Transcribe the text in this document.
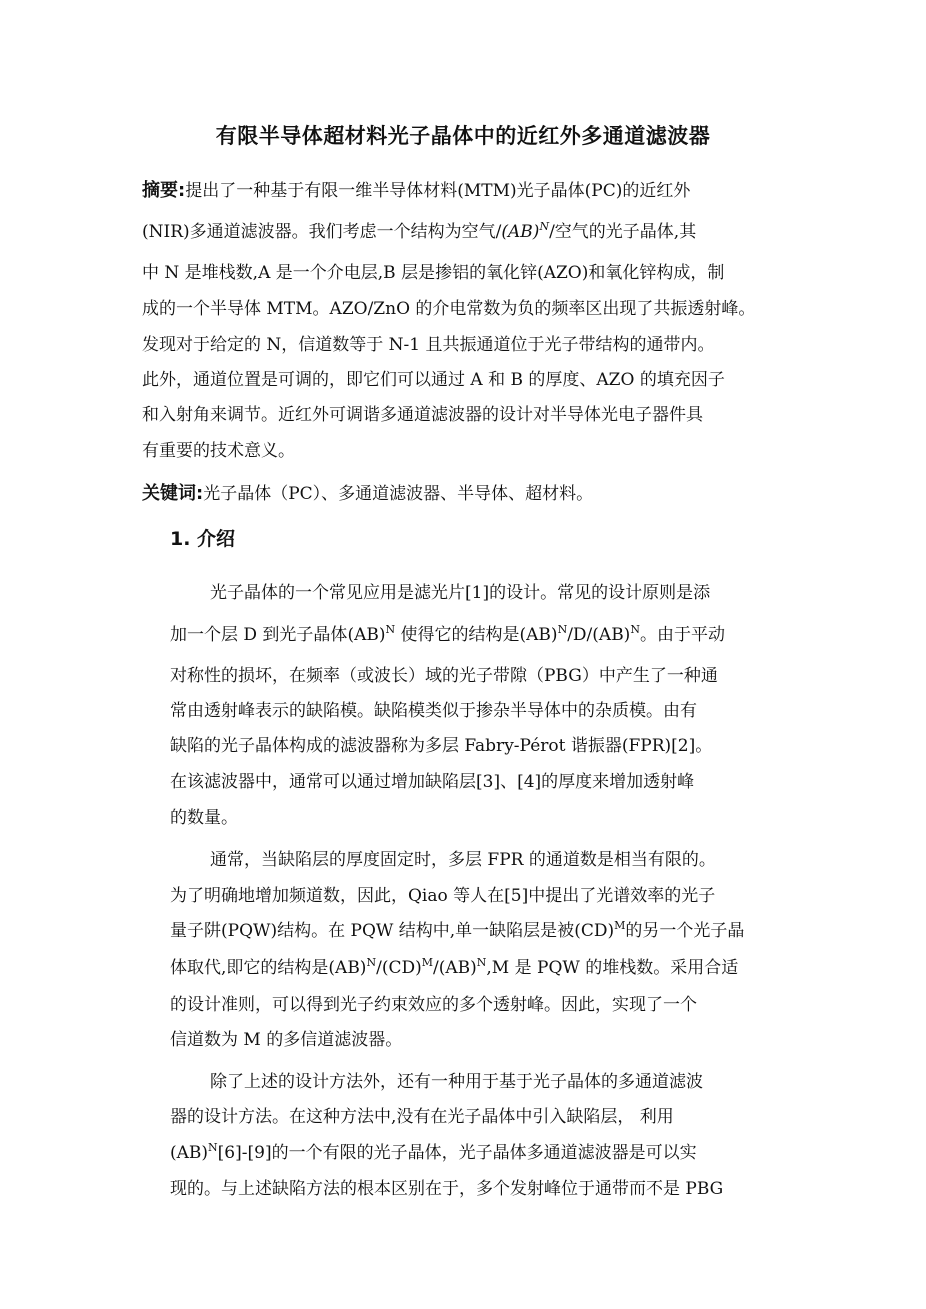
有限半导体超材料光子晶体中的近红外多通道滤波器
摘要:提出了一种基于有限一维半导体材料(MTM)光子晶体(PC)的近红外
(NIR)多通道滤波器。我们考虑一个结构为空气/(AB)$^N$/空气的光子晶体,其
中 N 是堆栈数,A 是一个介电层,B 层是掺铝的氧化锌(AZO)和氧化锌构成，制
成的一个半导体 MTM。AZO/ZnO 的介电常数为负的频率区出现了共振透射峰。
发现对于给定的 N，信道数等于 N-1 且共振通道位于光子带结构的通带内。
此外，通道位置是可调的，即它们可以通过 A 和 B 的厚度、AZO 的填充因子
和入射角来调节。近红外可调谐多通道滤波器的设计对半导体光电子器件具
有重要的技术意义。
关键词:光子晶体（PC）、多通道滤波器、半导体、超材料。
1. 介绍
光子晶体的一个常见应用是滤光片[1]的设计。常见的设计原则是添
加一个层 D 到光子晶体(AB)$^N$ 使得它的结构是(AB)$^N$/D/(AB)$^N$。由于平动
对称性的损坏，在频率（或波长）域的光子带隙（PBG）中产生了一种通
常由透射峰表示的缺陷模。缺陷模类似于掺杂半导体中的杂质模。由有
缺陷的光子晶体构成的滤波器称为多层 Fabry-Pérot 谐振器(FPR)[2]。
在该滤波器中，通常可以通过增加缺陷层[3]、[4]的厚度来增加透射峰
的数量。
通常，当缺陷层的厚度固定时，多层 FPR 的通道数是相当有限的。
为了明确地增加频道数，因此，Qiao 等人在[5]中提出了光谱效率的光子
量子阱(PQW)结构。在 PQW 结构中,单一缺陷层是被(CD)$^M$的另一个光子晶
体取代,即它的结构是(AB)$^N$/(CD)$^M$/(AB)$^N$,M 是 PQW 的堆栈数。采用合适
的设计准则，可以得到光子约束效应的多个透射峰。因此，实现了一个
信道数为 M 的多信道滤波器。
除了上述的设计方法外，还有一种用于基于光子晶体的多通道滤波
器的设计方法。在这种方法中,没有在光子晶体中引入缺陷层， 利用
(AB)$^N$[6]-[9]的一个有限的光子晶体，光子晶体多通道滤波器是可以实
现的。与上述缺陷方法的根本区别在于，多个发射峰位于通带而不是 PBG
